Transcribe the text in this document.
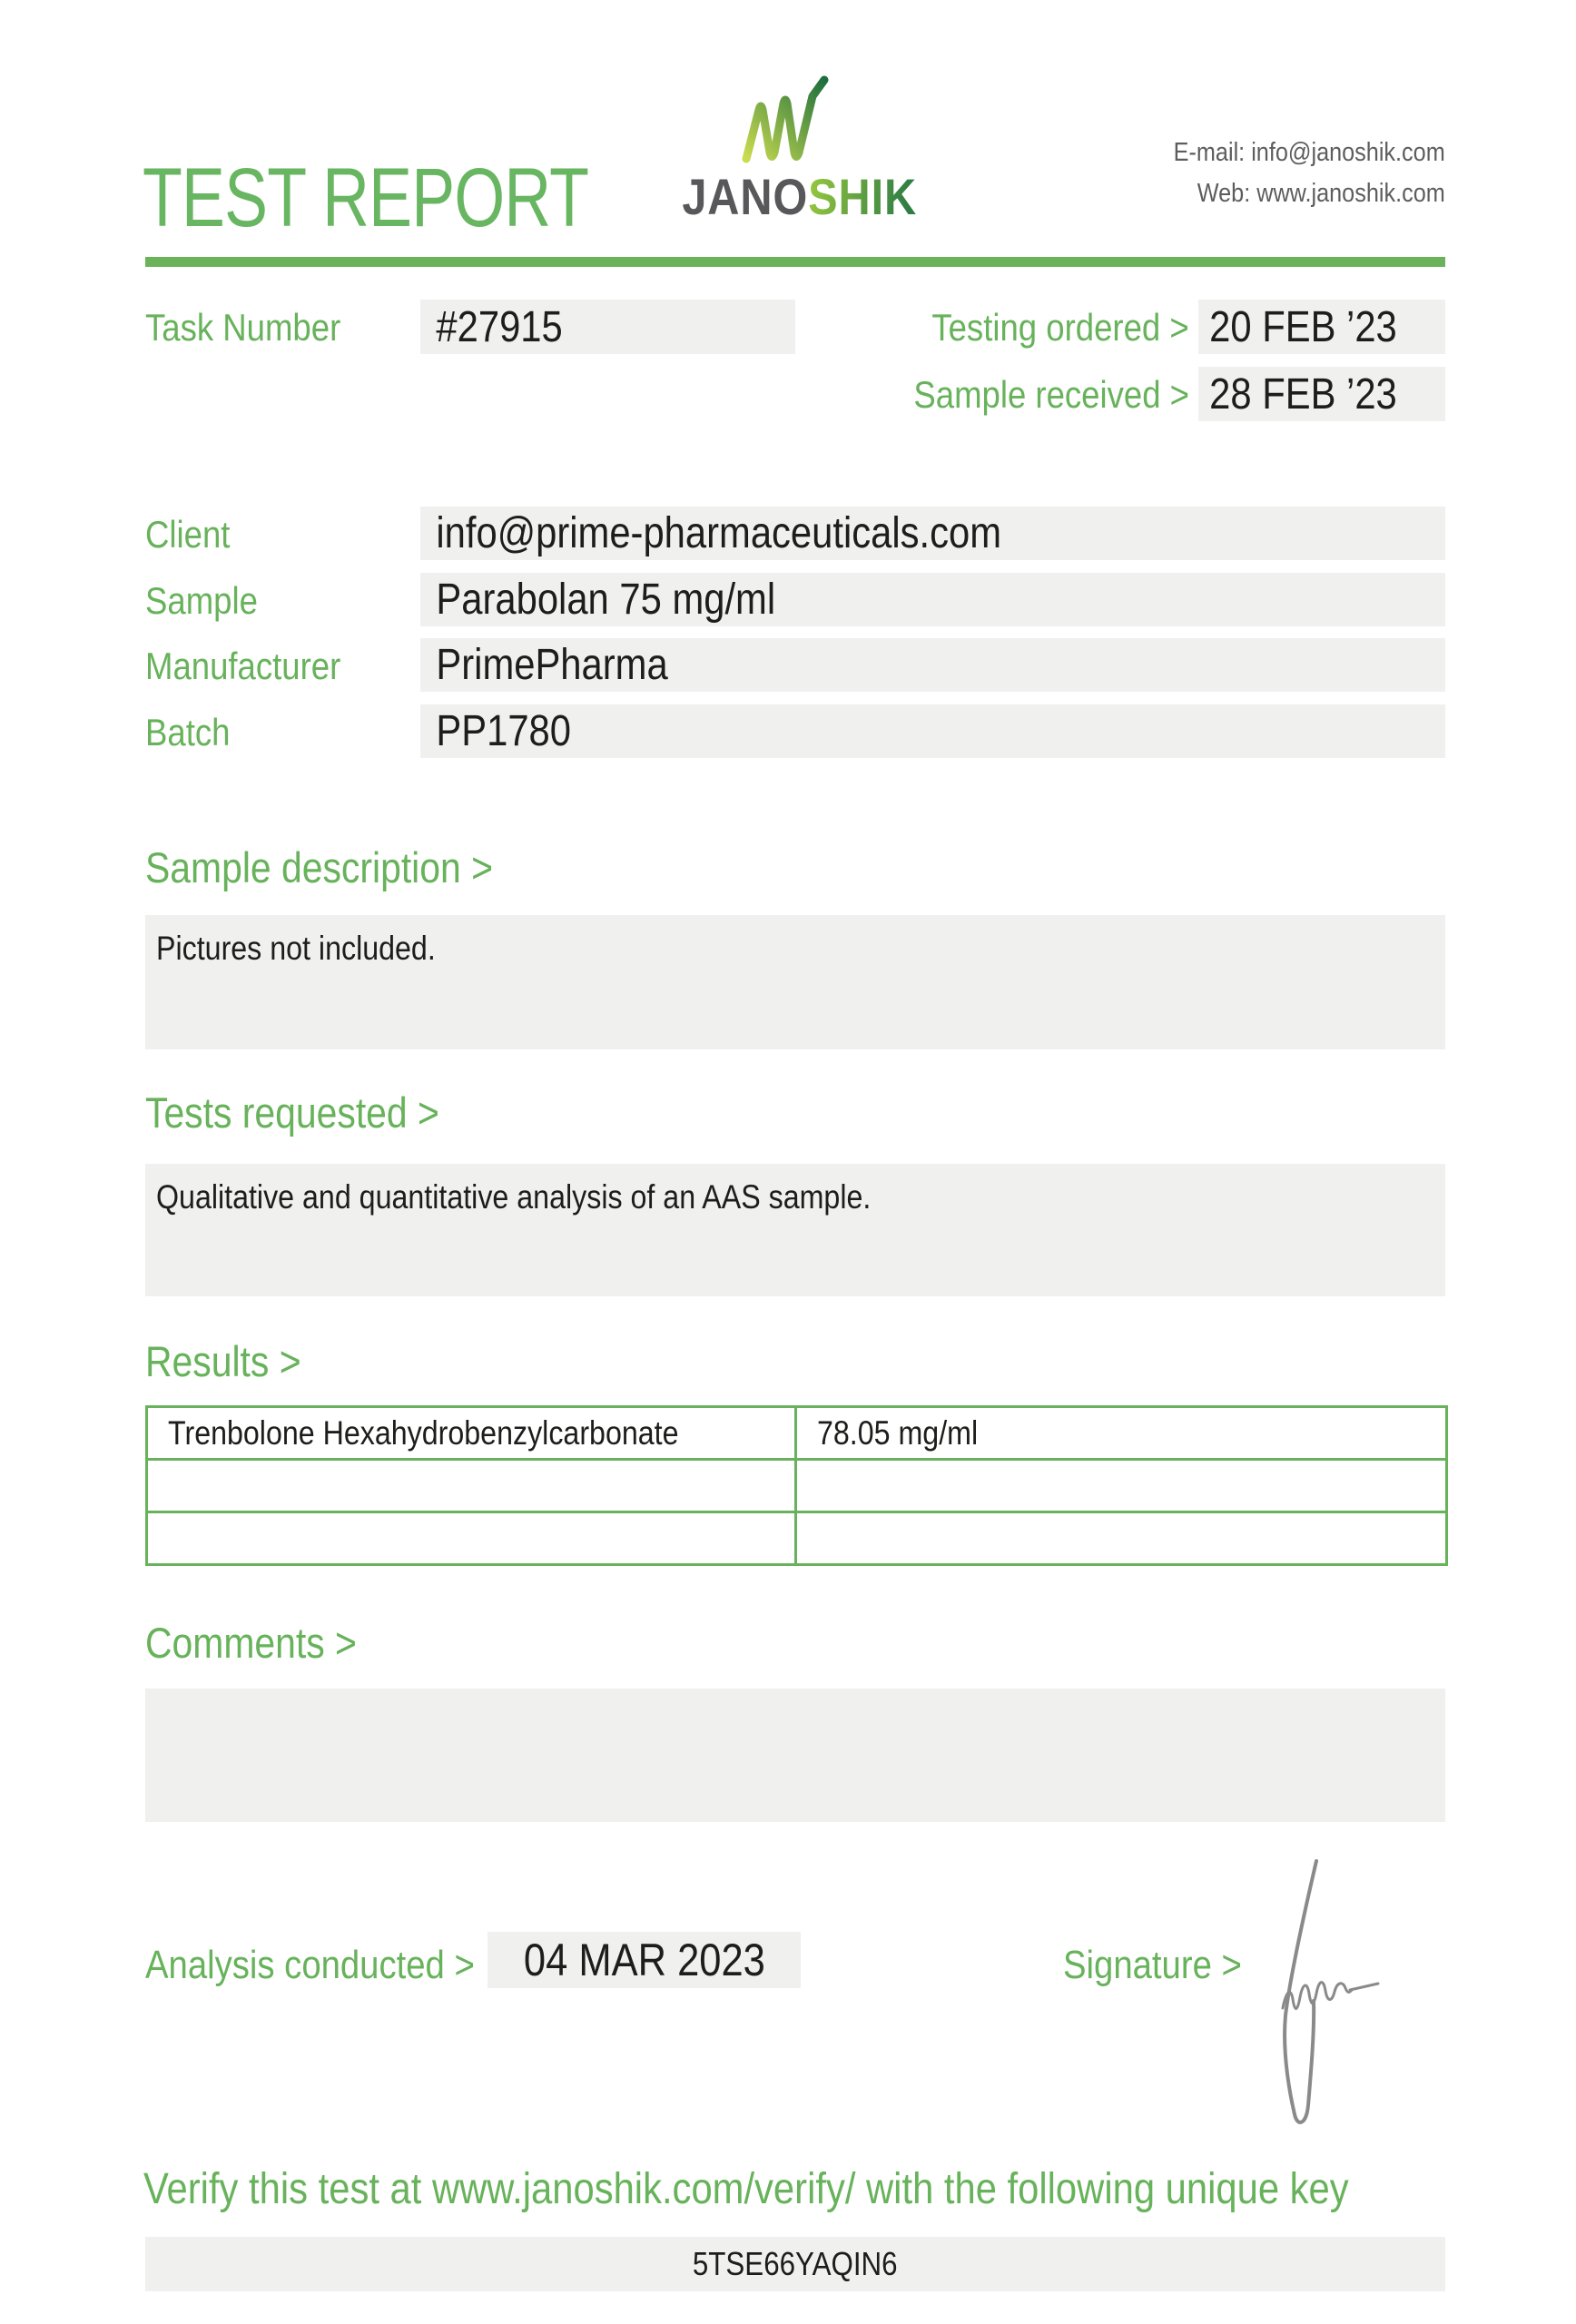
TEST REPORT	JANOSHIK
E-mail: info@janoshik.com
Web: www.janoshik.com
Task Number	#27915	Testing ordered > 20 FEB ’23
Sample received > 28 FEB ’23
Client	info@prime-pharmaceuticals.com
Sample	Parabolan 75 mg/ml
Manufacturer	PrimePharma
Batch	PP1780
Sample description >
Pictures not included.
Tests requested >
Qualitative and quantitative analysis of an AAS sample.
Results >
Trenbolone Hexahydrobenzylcarbonate	78.05 mg/ml

Comments >
Analysis conducted >	04 MAR 2023	Signature >
Verify this test at www.janoshik.com/verify/ with the following unique key
5TSE66YAQIN6
